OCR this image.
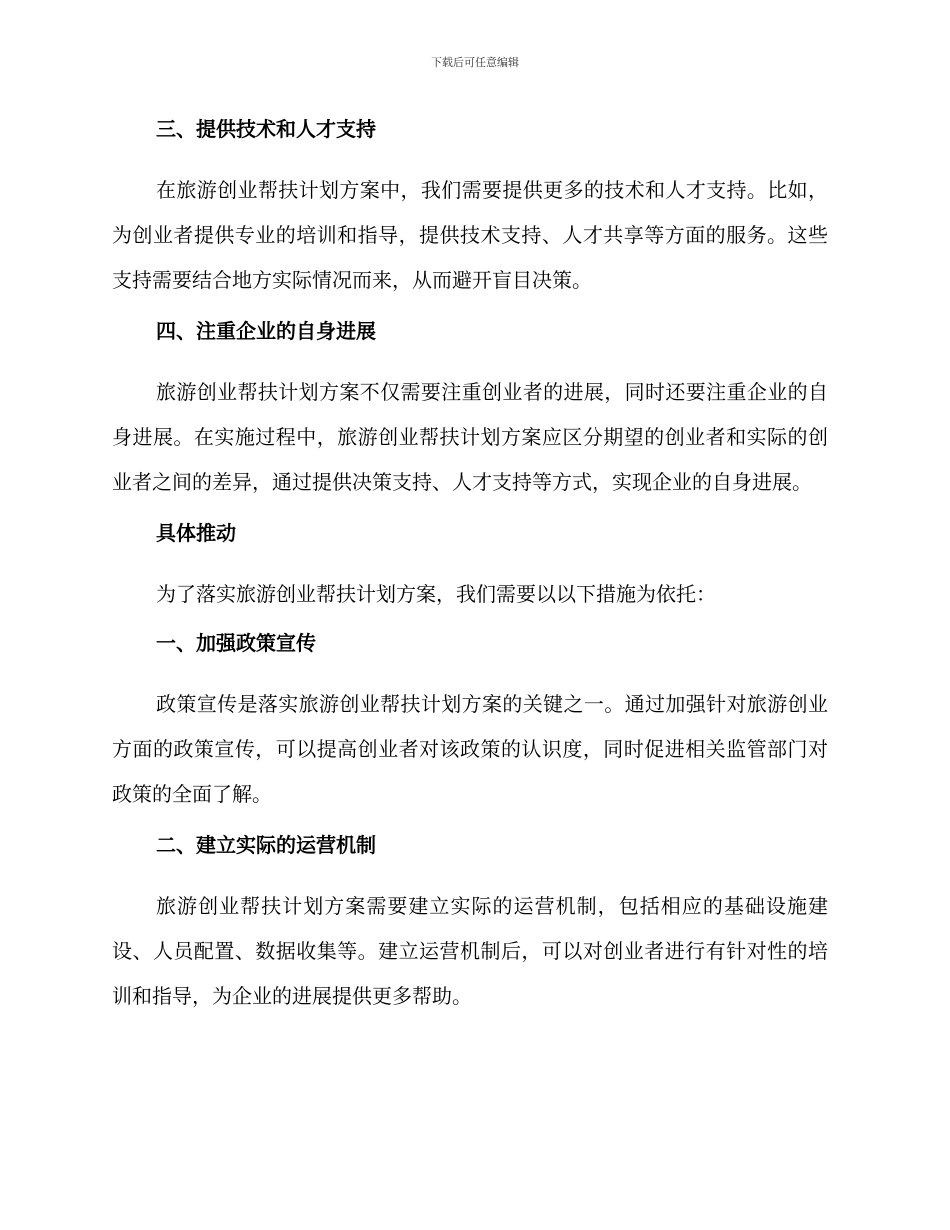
下载后可任意编辑
三、提供技术和人才支持

在旅游创业帮扶计划方案中，我们需要提供更多的技术和人才支持。比如，为创业者提供专业的培训和指导，提供技术支持、人才共享等方面的服务。这些支持需要结合地方实际情况而来，从而避开盲目决策。

四、注重企业的自身进展

旅游创业帮扶计划方案不仅需要注重创业者的进展，同时还要注重企业的自身进展。在实施过程中，旅游创业帮扶计划方案应区分期望的创业者和实际的创业者之间的差异，通过提供决策支持、人才支持等方式，实现企业的自身进展。

具体推动

为了落实旅游创业帮扶计划方案，我们需要以以下措施为依托：

一、加强政策宣传

政策宣传是落实旅游创业帮扶计划方案的关键之一。通过加强针对旅游创业方面的政策宣传，可以提高创业者对该政策的认识度，同时促进相关监管部门对政策的全面了解。

二、建立实际的运营机制

旅游创业帮扶计划方案需要建立实际的运营机制，包括相应的基础设施建设、人员配置、数据收集等。建立运营机制后，可以对创业者进行有针对性的培训和指导，为企业的进展提供更多帮助。
